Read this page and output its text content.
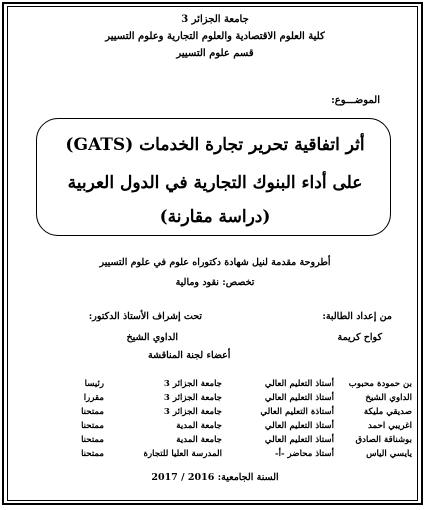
جامعة الجزائر 3
كلية العلوم الاقتصادية والعلوم التجارية وعلوم التسيير
قسم علوم التسيير
الموضـــوع:
أثر اتفاقية تحرير تجارة الخدمات (GATS)
على أداء البنوك التجارية في الدول العربية
(دراسة مقارنة)
أطروحة مقدمة لنيل شهادة دكتوراه علوم في علوم التسيير
تخصص: نقود ومالية
من إعداد الطالبة:
تحت إشراف الأستاذ الدكتور:
كواح كريمة
الداوي الشيخ
أعضاء لجنة المناقشة
بن حمودة محبوب	أستاذ التعليم العالي	جامعة الجزائر 3	رئيسا
الداوي الشيخ	أستاذ التعليم العالي	جامعة الجزائر 3	مقررا
صديقي مليكة	أستاذة التعليم العالي	جامعة الجزائر 3	ممتحنا
اغريبي احمد	أستاذ التعليم العالي	جامعة المدية	ممتحنا
بوشناقة الصادق	أستاذ التعليم العالي	جامعة المدية	ممتحنا
يايسي الياس	أستاذ محاضر -أ-	المدرسة العليا للتجارة	ممتحنا
السنة الجامعية: 2016 / 2017
